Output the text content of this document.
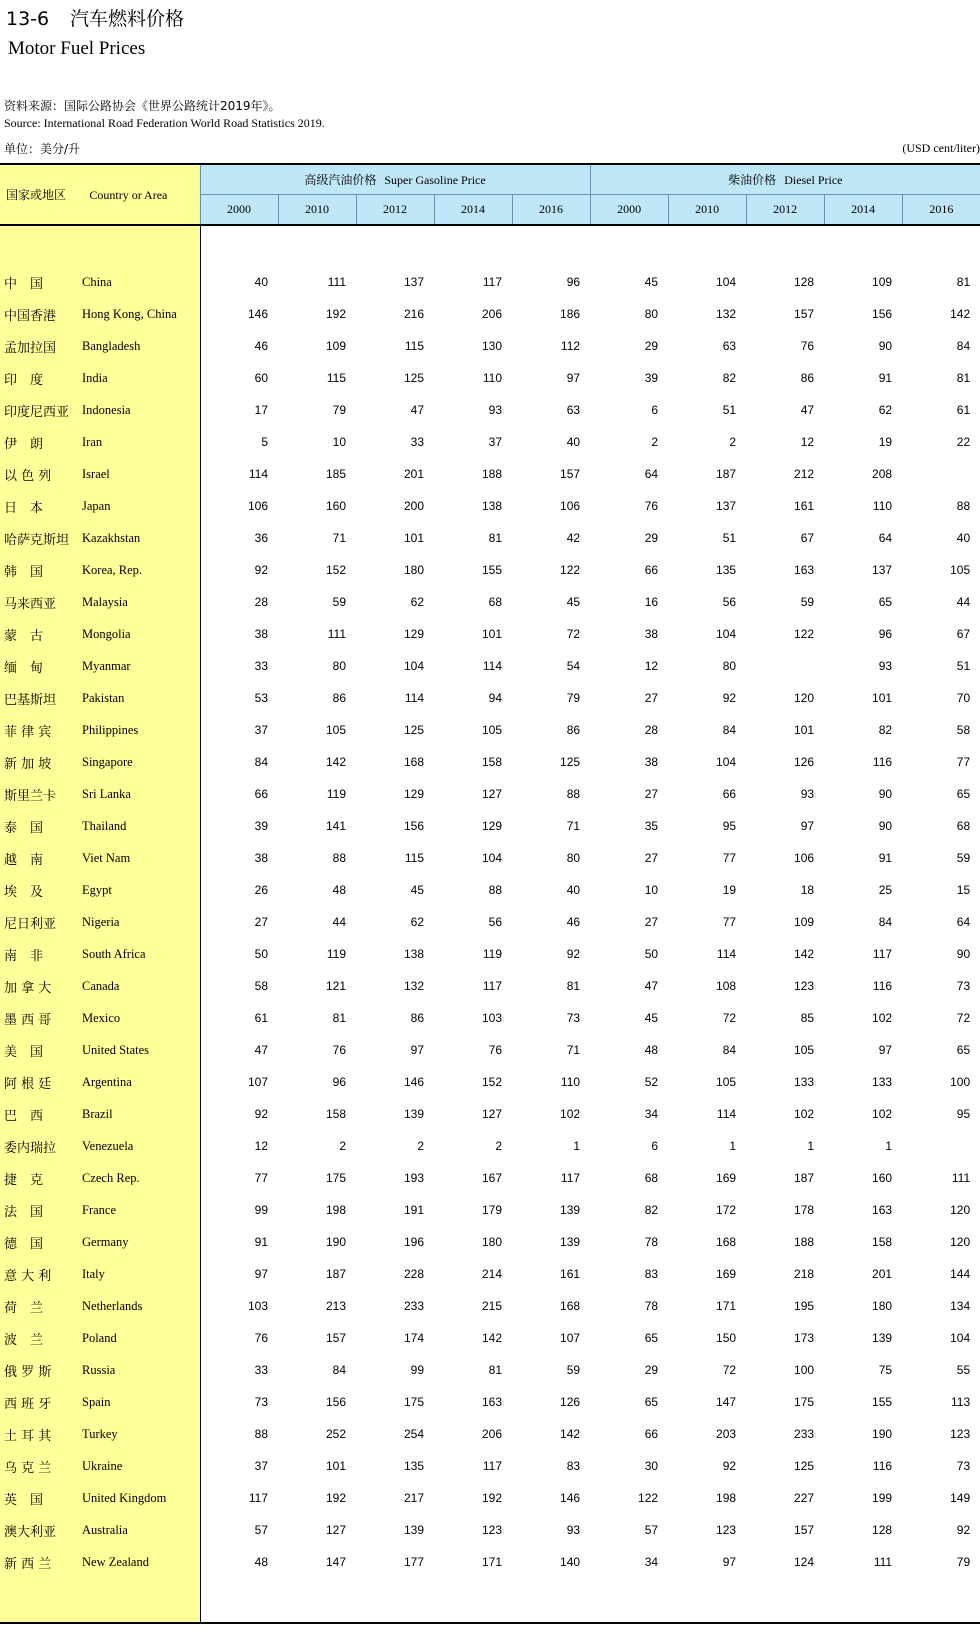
13-6 汽车燃料价格
Motor Fuel Prices
资料来源：国际公路协会《世界公路统计2019年》。
Source: International Road Federation World Road Statistics 2019.
单位：美分/升	(USD cent/liter)
国家或地区 Country or Area		高级汽油价格 Super Gasoline Price					柴油价格 Diesel Price				
		2000	2010	2012	2014	2016	2000	2010	2012	2014	2016

中　国	China	40	111	137	117	96	45	104	128	109	81
中国香港	Hong Kong, China	146	192	216	206	186	80	132	157	156	142
孟加拉国	Bangladesh	46	109	115	130	112	29	63	76	90	84
印　度	India	60	115	125	110	97	39	82	86	91	81
印度尼西亚	Indonesia	17	79	47	93	63	6	51	47	62	61
伊　朗	Iran	5	10	33	37	40	2	2	12	19	22
以 色 列	Israel	114	185	201	188	157	64	187	212	208	
日　本	Japan	106	160	200	138	106	76	137	161	110	88
哈萨克斯坦	Kazakhstan	36	71	101	81	42	29	51	67	64	40
韩　国	Korea, Rep.	92	152	180	155	122	66	135	163	137	105
马来西亚	Malaysia	28	59	62	68	45	16	56	59	65	44
蒙　古	Mongolia	38	111	129	101	72	38	104	122	96	67
缅　甸	Myanmar	33	80	104	114	54	12	80		93	51
巴基斯坦	Pakistan	53	86	114	94	79	27	92	120	101	70
菲 律 宾	Philippines	37	105	125	105	86	28	84	101	82	58
新 加 坡	Singapore	84	142	168	158	125	38	104	126	116	77
斯里兰卡	Sri Lanka	66	119	129	127	88	27	66	93	90	65
泰　国	Thailand	39	141	156	129	71	35	95	97	90	68
越　南	Viet Nam	38	88	115	104	80	27	77	106	91	59
埃　及	Egypt	26	48	45	88	40	10	19	18	25	15
尼日利亚	Nigeria	27	44	62	56	46	27	77	109	84	64
南　非	South Africa	50	119	138	119	92	50	114	142	117	90
加 拿 大	Canada	58	121	132	117	81	47	108	123	116	73
墨 西 哥	Mexico	61	81	86	103	73	45	72	85	102	72
美　国	United States	47	76	97	76	71	48	84	105	97	65
阿 根 廷	Argentina	107	96	146	152	110	52	105	133	133	100
巴　西	Brazil	92	158	139	127	102	34	114	102	102	95
委内瑞拉	Venezuela	12	2	2	2	1	6	1	1	1	
捷　克	Czech Rep.	77	175	193	167	117	68	169	187	160	111
法　国	France	99	198	191	179	139	82	172	178	163	120
德　国	Germany	91	190	196	180	139	78	168	188	158	120
意 大 利	Italy	97	187	228	214	161	83	169	218	201	144
荷　兰	Netherlands	103	213	233	215	168	78	171	195	180	134
波　兰	Poland	76	157	174	142	107	65	150	173	139	104
俄 罗 斯	Russia	33	84	99	81	59	29	72	100	75	55
西 班 牙	Spain	73	156	175	163	126	65	147	175	155	113
土 耳 其	Turkey	88	252	254	206	142	66	203	233	190	123
乌 克 兰	Ukraine	37	101	135	117	83	30	92	125	116	73
英　国	United Kingdom	117	192	217	192	146	122	198	227	199	149
澳大利亚	Australia	57	127	139	123	93	57	123	157	128	92
新 西 兰	New Zealand	48	147	177	171	140	34	97	124	111	79
